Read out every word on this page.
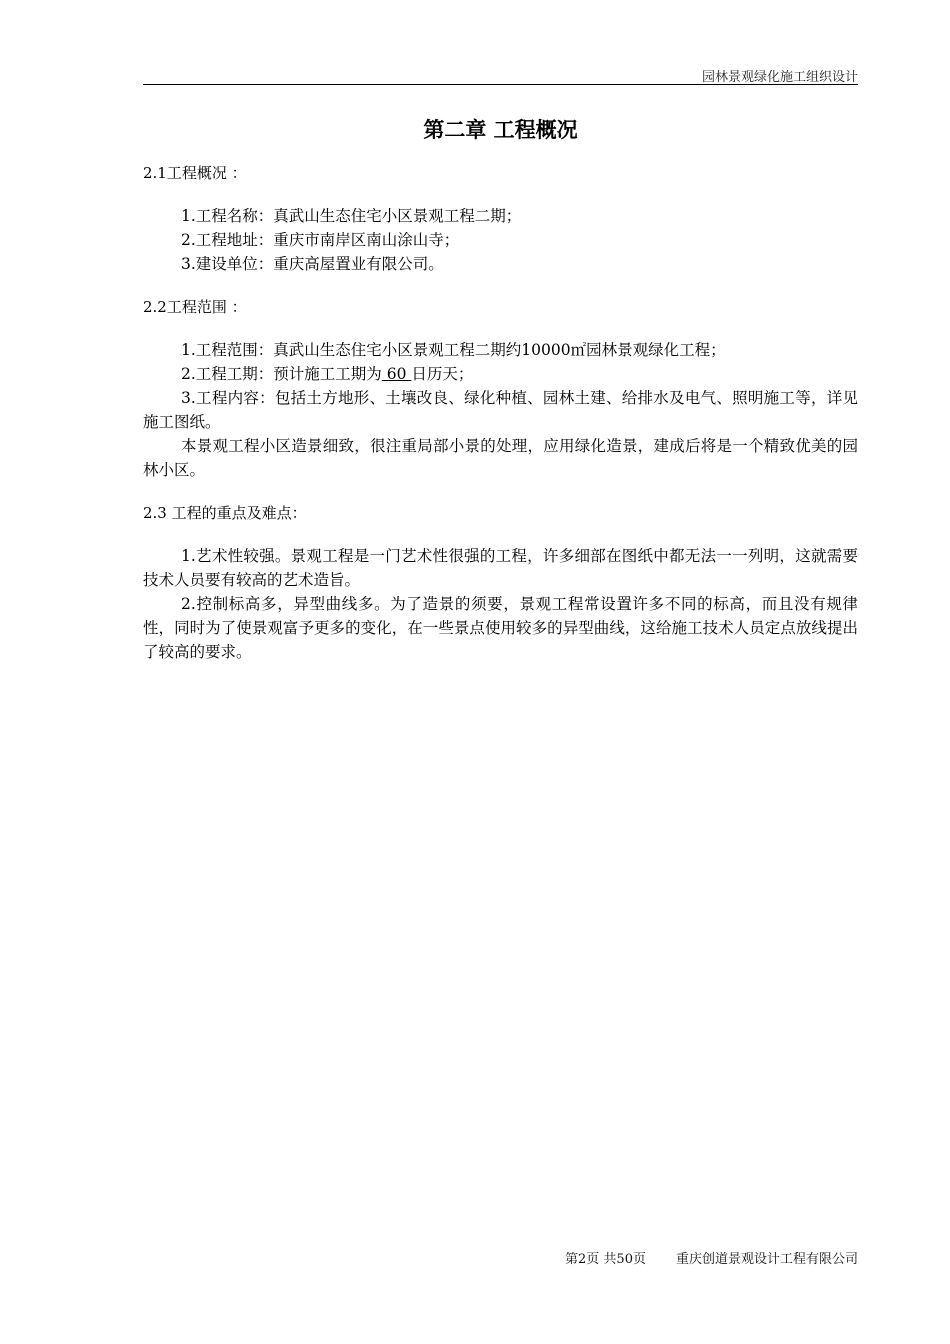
园林景观绿化施工组织设计
第二章 工程概况
2.1工程概况 ：

1.工程名称：真武山生态住宅小区景观工程二期；

2.工程地址：重庆市南岸区南山涂山寺；

3.建设单位：重庆高屋置业有限公司。

2.2工程范围 ：

1.工程范围：真武山生态住宅小区景观工程二期约10000㎡园林景观绿化工程；

2.工程工期：预计施工工期为 60 日历天；

3.工程内容：包括土方地形、土壤改良、绿化种植、园林土建、给排水及电气、照明施工等，详见施工图纸。

本景观工程小区造景细致，很注重局部小景的处理，应用绿化造景，建成后将是一个精致优美的园林小区。

2.3 工程的重点及难点：

1.艺术性较强。景观工程是一门艺术性很强的工程，许多细部在图纸中都无法一一列明，这就需要技术人员要有较高的艺术造旨。

2.控制标高多，异型曲线多。为了造景的须要，景观工程常设置许多不同的标高，而且没有规律性，同时为了使景观富予更多的变化，在一些景点使用较多的异型曲线，这给施工技术人员定点放线提出了较高的要求。

第2页 共50页 重庆创道景观设计工程有限公司
